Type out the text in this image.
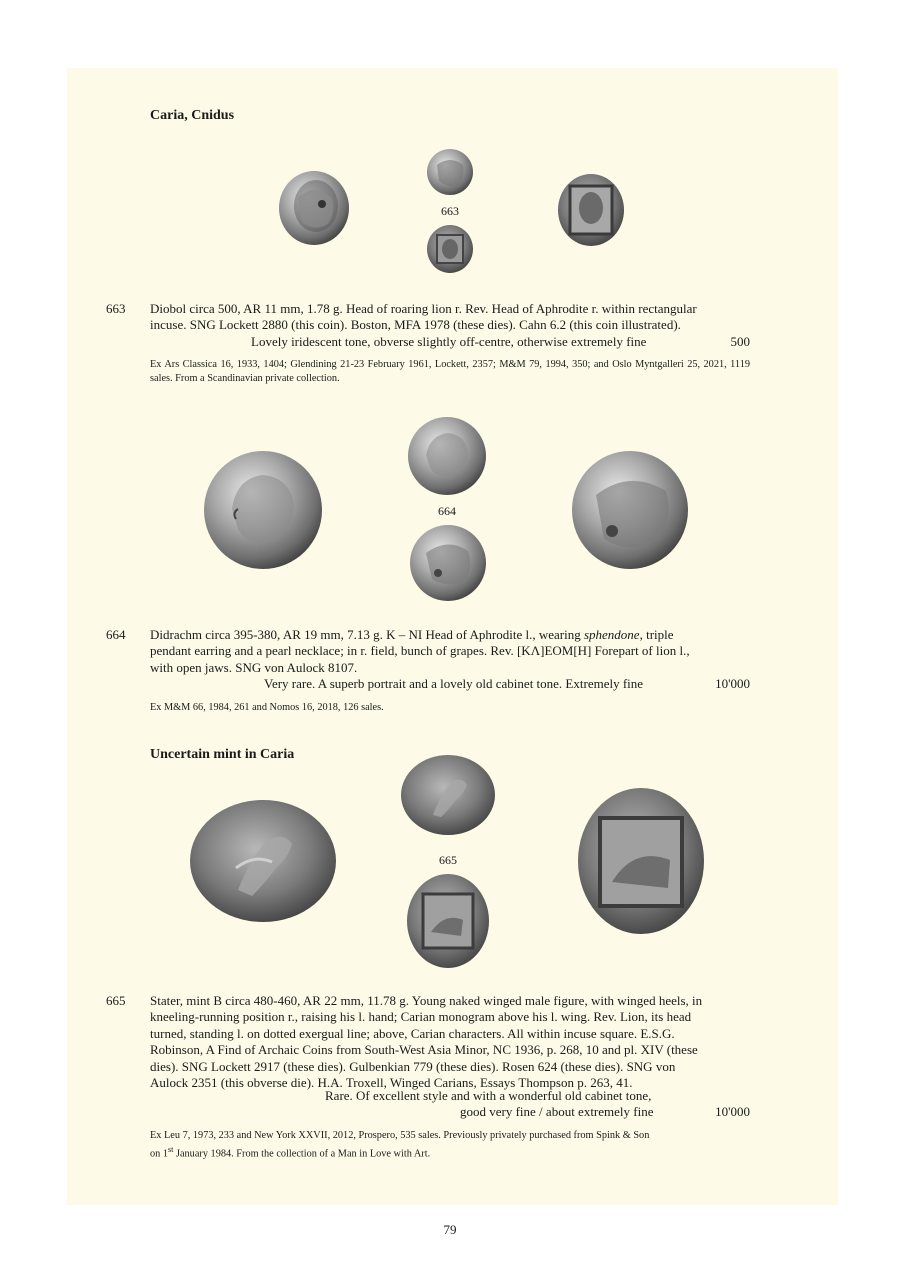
Caria, Cnidus
663
663 Diobol circa 500, AR 11 mm, 1.78 g. Head of roaring lion r. Rev. Head of Aphrodite r. within rectangular
incuse. SNG Lockett 2880 (this coin). Boston, MFA 1978 (these dies). Cahn 6.2 (this coin illustrated).
Lovely iridescent tone, obverse slightly off-centre, otherwise extremely fine	500
Ex Ars Classica 16, 1933, 1404; Glendining 21-23 February 1961, Lockett, 2357; M&M 79, 1994, 350; and Oslo Myntgalleri 25, 2021, 1119 sales. From a Scandinavian private collection.
664
664 Didrachm circa 395-380, AR 19 mm, 7.13 g. K – NI Head of Aphrodite l., wearing sphendone, triple
pendant earring and a pearl necklace; in r. field, bunch of grapes. Rev. [KΛ]EOM[H] Forepart of lion l.,
with open jaws. SNG von Aulock 8107.
Very rare. A superb portrait and a lovely old cabinet tone. Extremely fine	10'000
Ex M&M 66, 1984, 261 and Nomos 16, 2018, 126 sales.
Uncertain mint in Caria
665
665 Stater, mint B circa 480-460, AR 22 mm, 11.78 g. Young naked winged male figure, with winged heels, in
kneeling-running position r., raising his l. hand; Carian monogram above his l. wing. Rev. Lion, its head
turned, standing l. on dotted exergual line; above, Carian characters. All within incuse square. E.S.G.
Robinson, A Find of Archaic Coins from South-West Asia Minor, NC 1936, p. 268, 10 and pl. XIV (these
dies). SNG Lockett 2917 (these dies). Gulbenkian 779 (these dies). Rosen 624 (these dies). SNG von
Aulock 2351 (this obverse die). H.A. Troxell, Winged Carians, Essays Thompson p. 263, 41.
Rare. Of excellent style and with a wonderful old cabinet tone,
good very fine / about extremely fine	10'000
Ex Leu 7, 1973, 233 and New York XXVII, 2012, Prospero, 535 sales. Previously privately purchased from Spink & Son
on 1st January 1984. From the collection of a Man in Love with Art.
79
